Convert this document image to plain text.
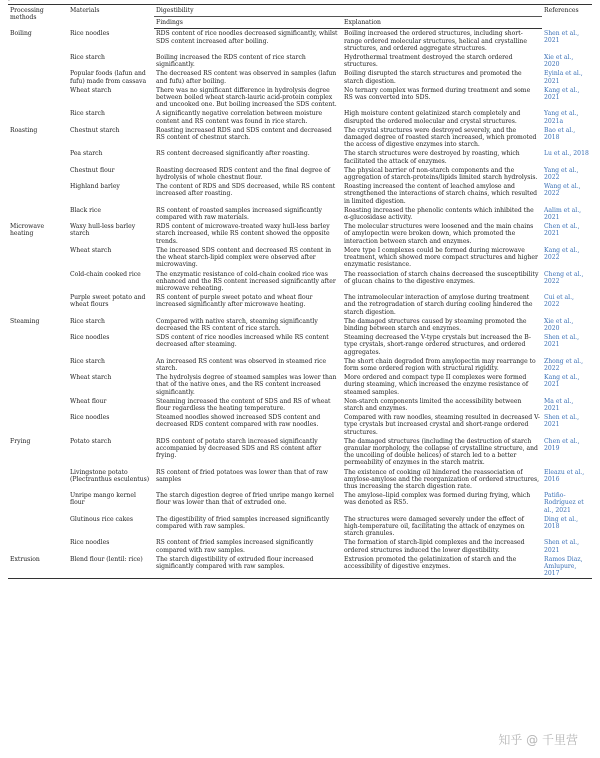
Processing methods	Materials	Digestibility		References
		Findings	Explanation	
Boiling	Rice noodles	RDS content of rice noodles decreased significantly, whilst SDS content increased after boiling.	Boiling increased the ordered structures, including short-range ordered molecular structures, helical and crystalline structures, and ordered aggregate structures.	Shen et al., 2021
	Rice starch	Boiling increased the RDS content of rice starch significantly.	Hydrothermal treatment destroyed the starch ordered structures.	Xie et al., 2020
	Popular foods (lafun and fufu) made from cassava	The decreased RS content was observed in samples (lafun and fufu) after boiling.	Boiling disrupted the starch structures and promoted the starch digestion.	Eyinla et al., 2021
	Wheat starch	There was no significant difference in hydrolysis degree between boiled wheat starch-lauric acid-protein complex and uncooked one. But boiling increased the SDS content.	No ternary complex was formed during treatment and some RS was converted into SDS.	Kang et al., 2021
	Rice starch	A significantly negative correlation between moisture content and RS content was found in rice starch.	High moisture content gelatinized starch completely and disrupted the ordered molecular and crystal structures.	Yang et al., 2021a
Roasting	Chestnut starch	Roasting increased RDS and SDS content and decreased RS content of chestnut starch.	The crystal structures were destroyed severely, and the damaged degree of roasted starch increased, which promoted the access of digestive enzymes into starch.	Bao et al., 2018
	Pea starch	RS content decreased significantly after roasting.	The starch structures were destroyed by roasting, which facilitated the attack of enzymes.	Lu et al., 2018
	Chestnut flour	Roasting decreased RDS content and the final degree of hydrolysis of whole chestnut flour.	The physical barrier of non-starch components and the aggregation of starch-proteins/lipids limited starch hydrolysis.	Yang et al., 2022
	Highland barley	The content of RDS and SDS decreased, while RS content increased after roasting.	Roasting increased the content of leached amylose and strengthened the interactions of starch chains, which resulted in limited digestion.	Wang et al., 2022
	Black rice	RS content of roasted samples increased significantly compared with raw materials.	Roasting increased the phenolic contents which inhibited the α-glucosidase activity.	Aalim et al., 2021
Microwave heating	Waxy hull-less barley starch	RDS content of microwave-treated waxy hull-less barley starch increased, while RS content showed the opposite trends.	The molecular structures were loosened and the main chains of amylopectin were broken down, which promoted the interaction between starch and enzymes.	Chen et al., 2021
	Wheat starch	The increased SDS content and decreased RS content in the wheat starch-lipid complex were observed after microwaving.	More type I complexes could be formed during microwave treatment, which showed more compact structures and higher enzymatic resistance.	Kang et al., 2022
	Cold-chain cooked rice	The enzymatic resistance of cold-chain cooked rice was enhanced and the RS content increased significantly after microwave reheating.	The reassociation of starch chains decreased the susceptibility of glucan chains to the digestive enzymes.	Cheng et al., 2022
	Purple sweet potato and wheat flours	RS content of purple sweet potato and wheat flour increased significantly after microwave heating.	The intramolecular interaction of amylose during treatment and the retrogradation of starch during cooling hindered the starch digestion.	Cui et al., 2022
Steaming	Rice starch	Compared with native starch, steaming significantly decreased the RS content of rice starch.	The damaged structures caused by steaming promoted the binding between starch and enzymes.	Xie et al., 2020
	Rice noodles	SDS content of rice noodles increased while RS content decreased after steaming.	Steaming decreased the V-type crystals but increased the B-type crystals, short-range ordered structures, and ordered aggregates.	Shen et al., 2021
	Rice starch	An increased RS content was observed in steamed rice starch.	The short chain degraded from amylopectin may rearrange to form some ordered region with structural rigidity.	Zhong et al., 2022
	Wheat starch	The hydrolysis degree of steamed samples was lower than that of the native ones, and the RS content increased significantly.	More ordered and compact type II complexes were formed during steaming, which increased the enzyme resistance of steamed samples.	Kang et al., 2021
	Wheat flour	Steaming increased the content of SDS and RS of wheat flour regardless the heating temperature.	Non-starch components limited the accessibility between starch and enzymes.	Ma et al., 2021
	Rice noodles	Steamed noodles showed increased SDS content and decreased RDS content compared with raw noodles.	Compared with raw noodles, steaming resulted in decreased V-type crystals but increased crystal and short-range ordered structures.	Shen et al., 2021
Frying	Potato starch	RDS content of potato starch increased significantly accompanied by decreased SDS and RS content after frying.	The damaged structures (including the destruction of starch granular morphology, the collapse of crystalline structure, and the uncoiling of double helices) of starch led to a better permeability of enzymes in the starch matrix.	Chen et al., 2019
	Livingstone potato (Plectranthus esculentus)	RS content of fried potatoes was lower than that of raw samples	The existence of cooking oil hindered the reassociation of amylose-amylose and the reorganization of ordered structures, thus increasing the starch digestion rate.	Eleazu et al., 2016
	Unripe mango kernel flour	The starch digestion degree of fried unripe mango kernel flour was lower than that of extruded one.	The amylose–lipid complex was formed during frying, which was denoted as RS5.	Patiño-Rodríguez et al., 2021
	Glutinous rice cakes	The digestibility of fried samples increased significantly compared with raw samples.	The structures were damaged severely under the effect of high-temperature oil, facilitating the attack of enzymes on starch granules.	Ding et al., 2018
	Rice noodles	RS content of fried samples increased significantly compared with raw samples.	The formation of starch-lipid complexes and the increased ordered structures induced the lower digestibility.	Shen et al., 2021
Extrusion	Blend flour (lentil: rice)	The starch digestibility of extruded flour increased significantly compared with raw samples.	Extrusion promoted the gelatinization of starch and the accessibility of digestive enzymes.	Ramos Diaz, Amlupure, 2017
知乎 @ 千里营
